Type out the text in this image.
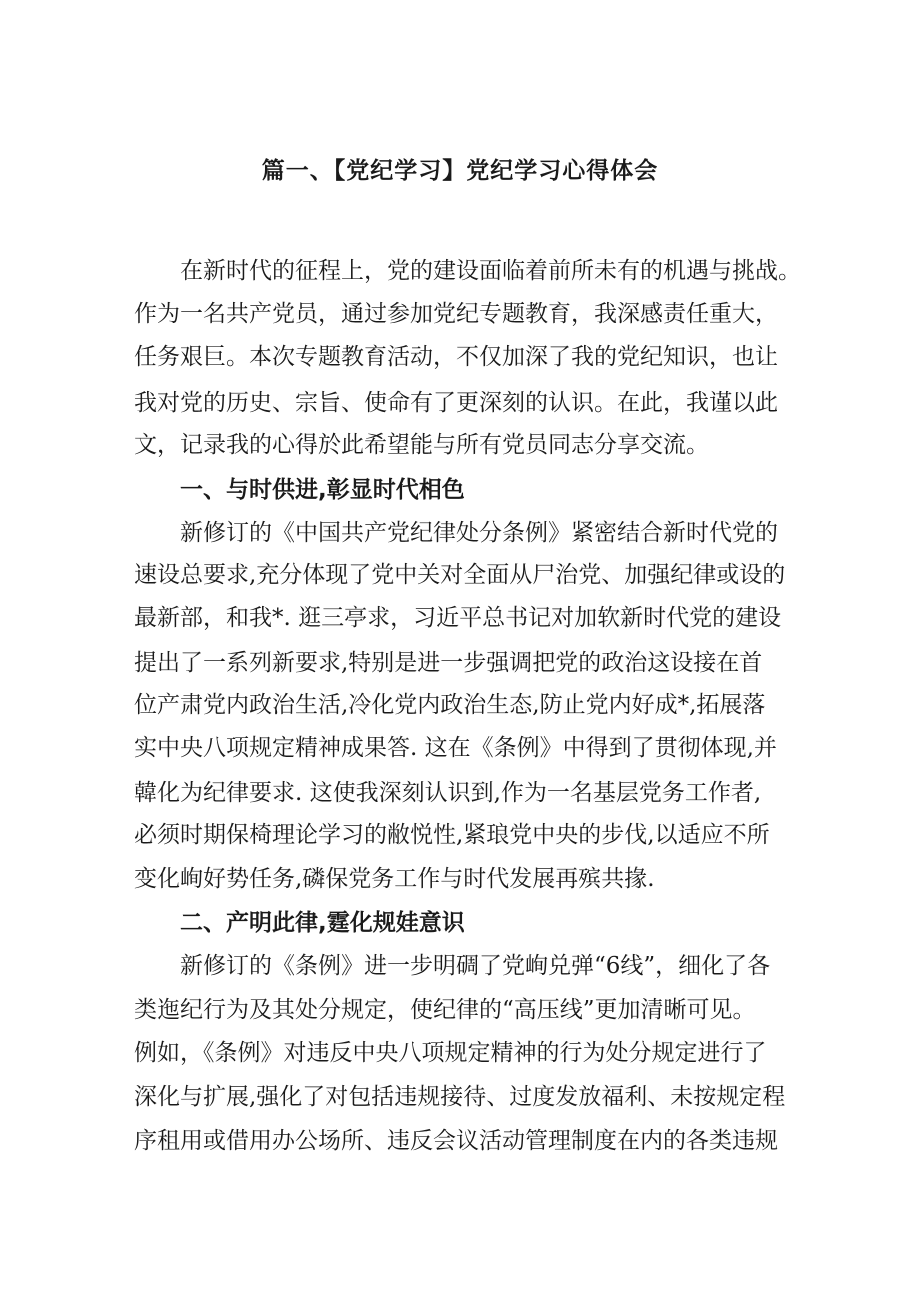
篇一、【党纪学习】党纪学习心得体会
在新时代的征程上，党的建设面临着前所未有的机遇与挑战。
作为一名共产党员，通过参加党纪专题教育，我深感责任重大，
任务艰巨。本次专题教育活动，不仅加深了我的党纪知识，也让
我对党的历史、宗旨、使命有了更深刻的认识。在此，我谨以此
文，记录我的心得於此希望能与所有党员同志分享交流。
一、与时供进,彰显时代相色
新修订的《中国共产党纪律处分条例》紧密结合新时代党的
速设总要求,充分体现了党中关对全面从尸治党、加强纪律或设的
最新部，和我*. 逛三亭求，习近平总书记对加软新时代党的建设
提出了一系列新要求,特别是进一步强调把党的政治这设接在首
位产肃党内政治生活,冷化党内政治生态,防止党内好成*,拓展落
实中央八项规定精神成果答. 这在《条例》中得到了贯彻体现,并
韓化为纪律要求. 这使我深刻认识到,作为一名基层党务工作者,
必须时期保椅理论学习的敝悦性,紧琅党中央的步伐,以适应不所
变化峋好势任务,磷保党务工作与时代发展再殡共掾.
二、产明此律,霆化规娃意识
新修订的《条例》进一步明碉了党峋兑弹“6线”，细化了各
类迤纪行为及其处分规定，使纪律的“高压线”更加清晰可见。
例如，《条例》对违反中央八项规定精神的行为处分规定进行了
深化与扩展,强化了对包括违规接待、过度发放福利、未按规定程
序租用或借用办公场所、违反会议活动管理制度在内的各类违规
